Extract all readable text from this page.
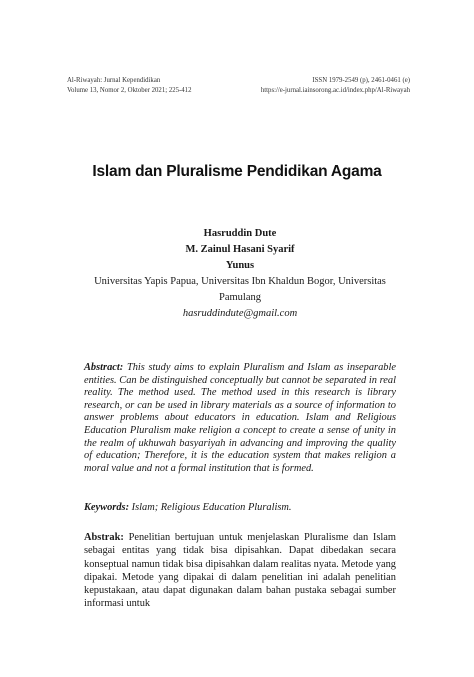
Al-Riwayah: Jurnal Kependidikan
Volume 13, Nomor 2, Oktober 2021; 225-412
ISSN 1979-2549 (p), 2461-0461 (e)
https://e-jurnal.iainsorong.ac.id/index.php/Al-Riwayah
Islam dan Pluralisme Pendidikan Agama
Hasruddin Dute
M. Zainul Hasani Syarif
Yunus
Universitas Yapis Papua, Universitas Ibn Khaldun Bogor, Universitas Pamulang
hasruddindute@gmail.com
Abstract: This study aims to explain Pluralism and Islam as inseparable entities. Can be distinguished conceptually but cannot be separated in real reality. The method used. The method used in this research is library research, or can be used in library materials as a source of information to answer problems about educators in education. Islam and Religious Education Pluralism make religion a concept to create a sense of unity in the realm of ukhuwah basyariyah in advancing and improving the quality of education; Therefore, it is the education system that makes religion a moral value and not a formal institution that is formed.
Keywords: Islam; Religious Education Pluralism.
Abstrak: Penelitian bertujuan untuk menjelaskan Pluralisme dan Islam sebagai entitas yang tidak bisa dipisahkan. Dapat dibedakan secara konseptual namun tidak bisa dipisahkan dalam realitas nyata. Metode yang dipakai. Metode yang dipakai di dalam penelitian ini adalah penelitian kepustakaan, atau dapat digunakan dalam bahan pustaka sebagai sumber informasi untuk
